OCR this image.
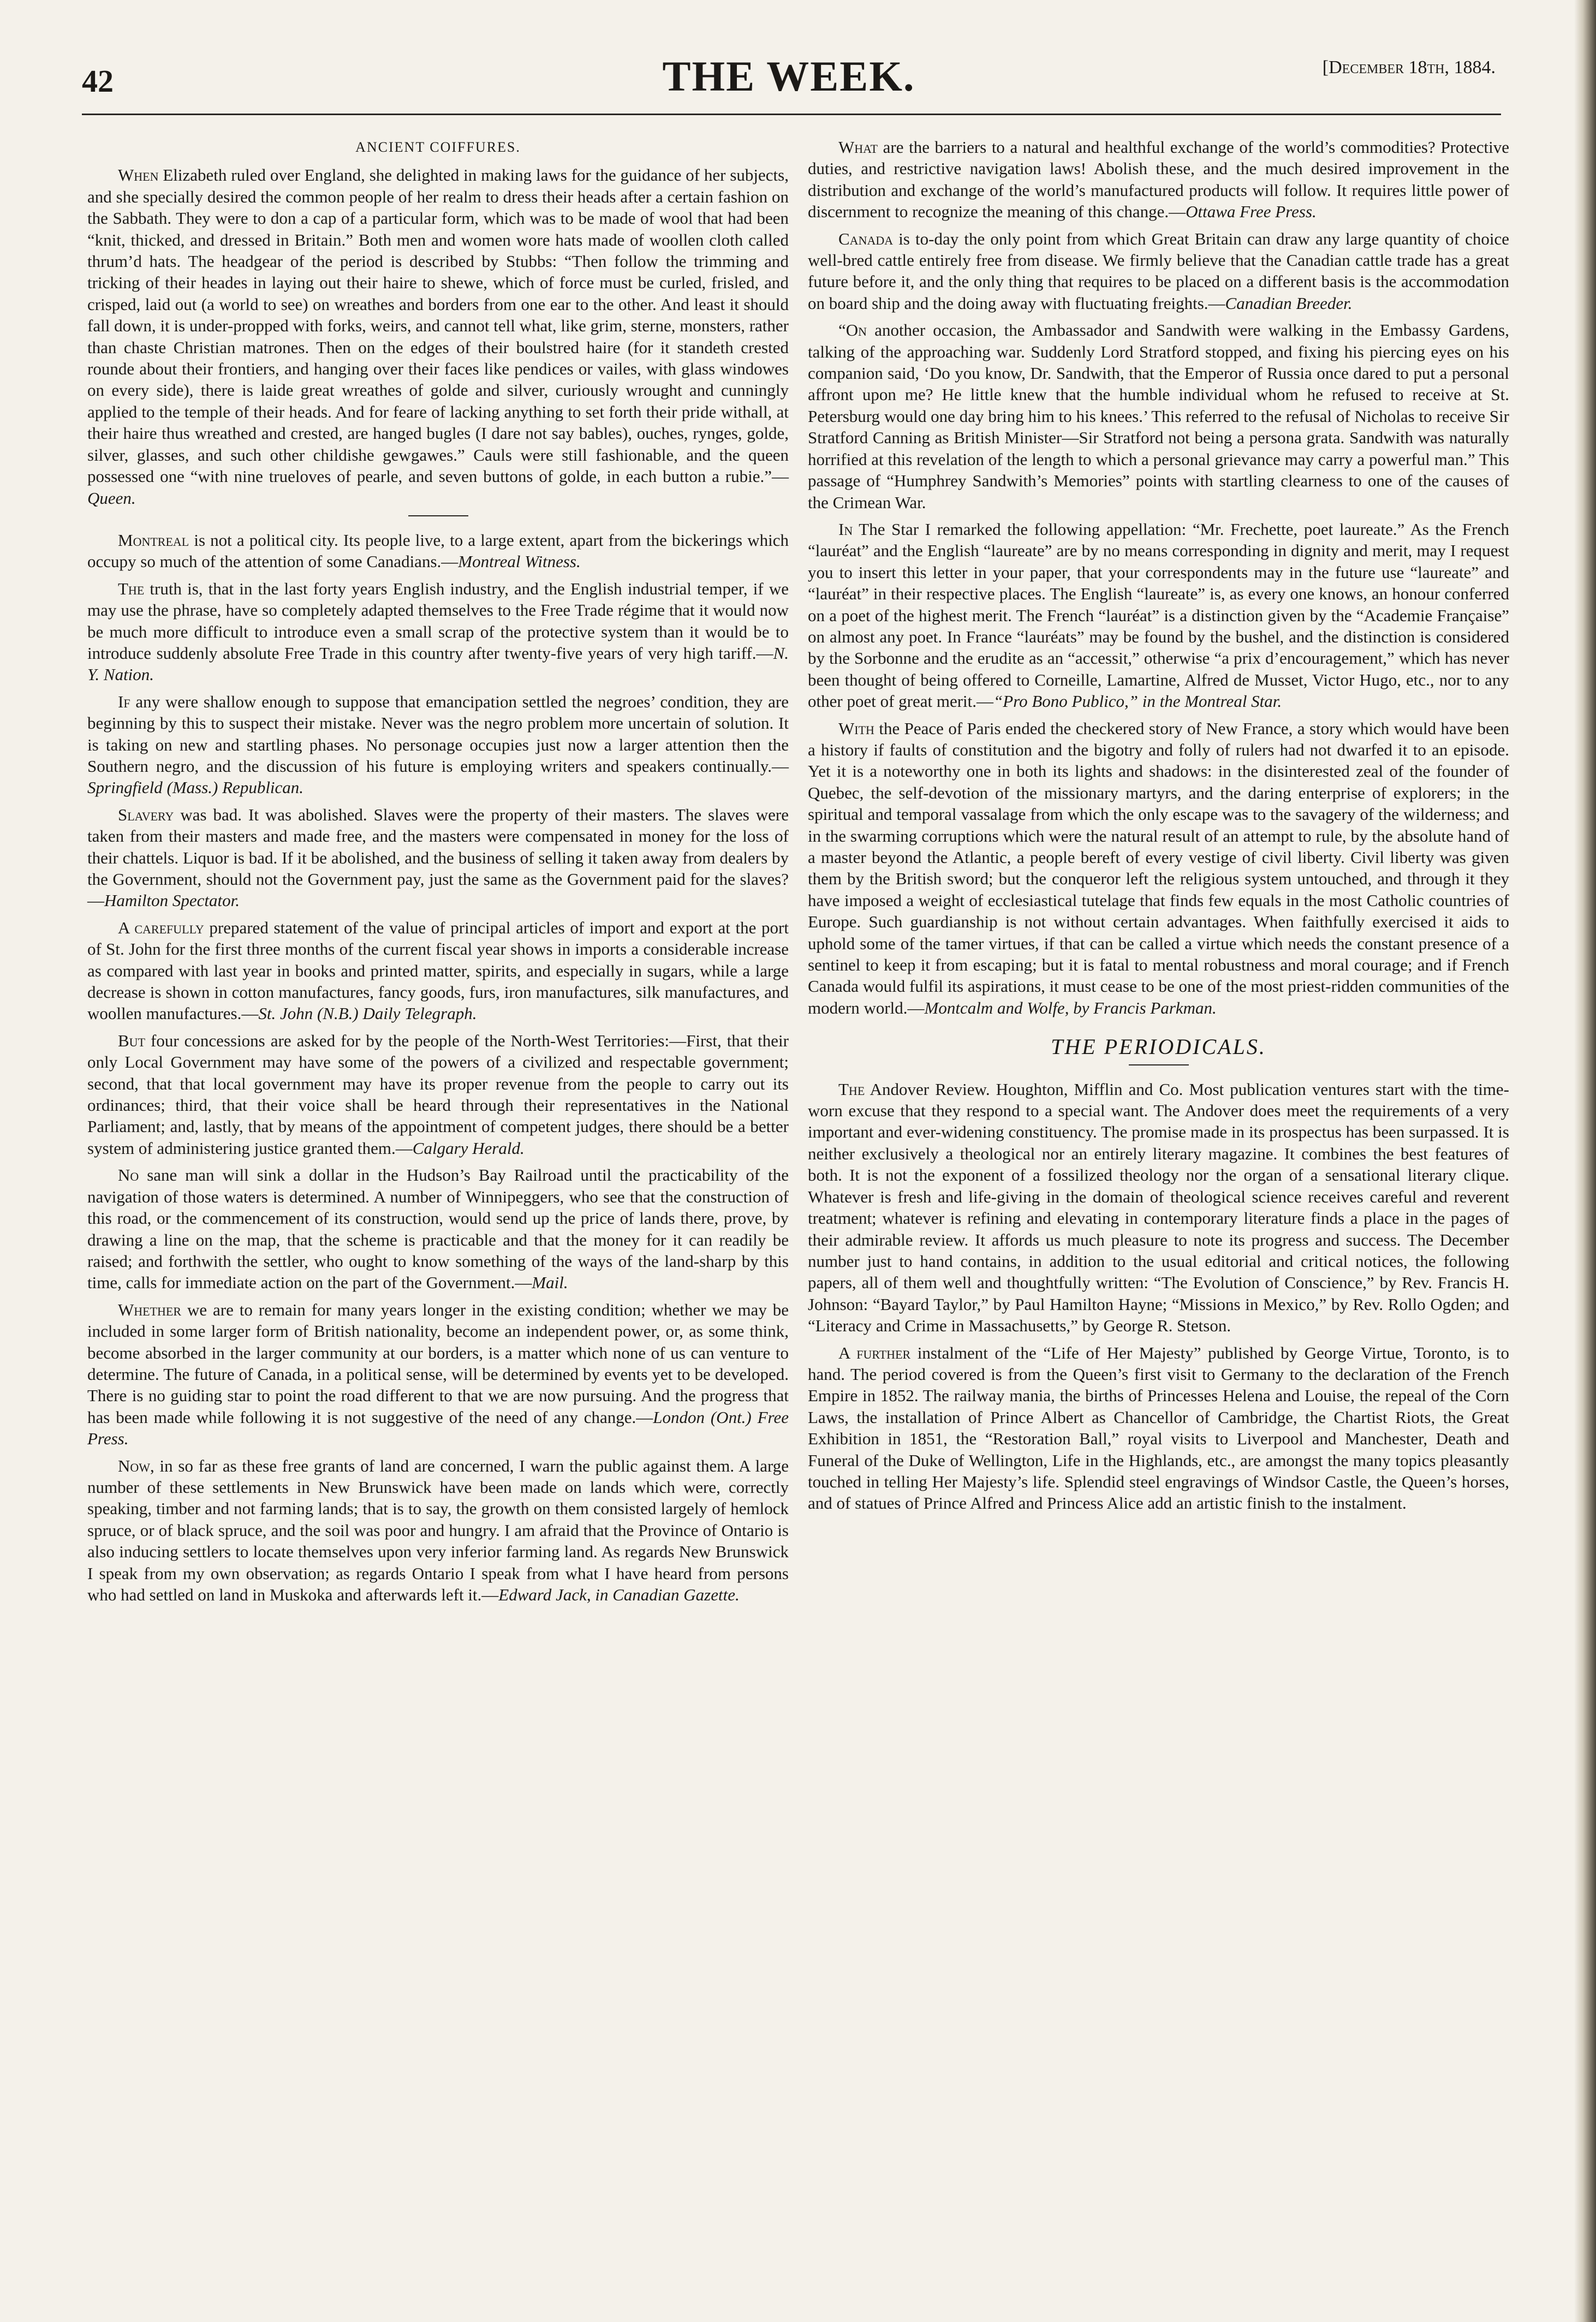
42	THE WEEK.	[December 18th, 1884.
ANCIENT COIFFURES.

When Elizabeth ruled over England, she delighted in making laws for the guidance of her subjects, and she specially desired the common people of her realm to dress their heads after a certain fashion on the Sabbath. They were to don a cap of a particular form, which was to be made of wool that had been “knit, thicked, and dressed in Britain.” Both men and women wore hats made of woollen cloth called thrum’d hats. The headgear of the period is described by Stubbs: “Then follow the trimming and tricking of their heades in laying out their haire to shewe, which of force must be curled, frisled, and crisped, laid out (a world to see) on wreathes and borders from one ear to the other. And least it should fall down, it is under-propped with forks, weirs, and cannot tell what, like grim, sterne, monsters, rather than chaste Christian matrones. Then on the edges of their boulstred haire (for it standeth crested rounde about their frontiers, and hanging over their faces like pendices or vailes, with glass windowes on every side), there is laide great wreathes of golde and silver, curiously wrought and cunningly applied to the temple of their heads. And for feare of lacking anything to set forth their pride withall, at their haire thus wreathed and crested, are hanged bugles (I dare not say bables), ouches, rynges, golde, silver, glasses, and such other childishe gewgawes.” Cauls were still fashionable, and the queen possessed one “with nine trueloves of pearle, and seven buttons of golde, in each button a rubie.”—Queen.

Montreal is not a political city. Its people live, to a large extent, apart from the bickerings which occupy so much of the attention of some Canadians.—Montreal Witness.

The truth is, that in the last forty years English industry, and the English industrial temper, if we may use the phrase, have so completely adapted themselves to the Free Trade régime that it would now be much more difficult to introduce even a small scrap of the protective system than it would be to introduce suddenly absolute Free Trade in this country after twenty-five years of very high tariff.—N. Y. Nation.

If any were shallow enough to suppose that emancipation settled the negroes’ condition, they are beginning by this to suspect their mistake. Never was the negro problem more uncertain of solution. It is taking on new and startling phases. No personage occupies just now a larger attention then the Southern negro, and the discussion of his future is employing writers and speakers continually.—Springfield (Mass.) Republican.

Slavery was bad. It was abolished. Slaves were the property of their masters. The slaves were taken from their masters and made free, and the masters were compensated in money for the loss of their chattels. Liquor is bad. If it be abolished, and the business of selling it taken away from dealers by the Government, should not the Government pay, just the same as the Government paid for the slaves?—Hamilton Spectator.

A carefully prepared statement of the value of principal articles of import and export at the port of St. John for the first three months of the current fiscal year shows in imports a considerable increase as compared with last year in books and printed matter, spirits, and especially in sugars, while a large decrease is shown in cotton manufactures, fancy goods, furs, iron manufactures, silk manufactures, and woollen manufactures.—St. John (N.B.) Daily Telegraph.

But four concessions are asked for by the people of the North-West Territories:—First, that their only Local Government may have some of the powers of a civilized and respectable government; second, that that local government may have its proper revenue from the people to carry out its ordinances; third, that their voice shall be heard through their representatives in the National Parliament; and, lastly, that by means of the appointment of competent judges, there should be a better system of administering justice granted them.—Calgary Herald.

No sane man will sink a dollar in the Hudson’s Bay Railroad until the practicability of the navigation of those waters is determined. A number of Winnipeggers, who see that the construction of this road, or the commencement of its construction, would send up the price of lands there, prove, by drawing a line on the map, that the scheme is practicable and that the money for it can readily be raised; and forthwith the settler, who ought to know something of the ways of the land-sharp by this time, calls for immediate action on the part of the Government.—Mail.

Whether we are to remain for many years longer in the existing condition; whether we may be included in some larger form of British nationality, become an independent power, or, as some think, become absorbed in the larger community at our borders, is a matter which none of us can venture to determine. The future of Canada, in a political sense, will be determined by events yet to be developed. There is no guiding star to point the road different to that we are now pursuing. And the progress that has been made while following it is not suggestive of the need of any change.—London (Ont.) Free Press.

Now, in so far as these free grants of land are concerned, I warn the public against them. A large number of these settlements in New Brunswick have been made on lands which were, correctly speaking, timber and not farming lands; that is to say, the growth on them consisted largely of hemlock spruce, or of black spruce, and the soil was poor and hungry. I am afraid that the Province of Ontario is also inducing settlers to locate themselves upon very inferior farming land. As regards New Brunswick I speak from my own observation; as regards Ontario I speak from what I have heard from persons who had settled on land in Muskoka and afterwards left it.—Edward Jack, in Canadian Gazette.

What are the barriers to a natural and healthful exchange of the world’s commodities? Protective duties, and restrictive navigation laws! Abolish these, and the much desired improvement in the distribution and exchange of the world’s manufactured products will follow. It requires little power of discernment to recognize the meaning of this change.—Ottawa Free Press.

Canada is to-day the only point from which Great Britain can draw any large quantity of choice well-bred cattle entirely free from disease. We firmly believe that the Canadian cattle trade has a great future before it, and the only thing that requires to be placed on a different basis is the accommodation on board ship and the doing away with fluctuating freights.—Canadian Breeder.

“On another occasion, the Ambassador and Sandwith were walking in the Embassy Gardens, talking of the approaching war. Suddenly Lord Stratford stopped, and fixing his piercing eyes on his companion said, ‘Do you know, Dr. Sandwith, that the Emperor of Russia once dared to put a personal affront upon me? He little knew that the humble individual whom he refused to receive at St. Petersburg would one day bring him to his knees.’ This referred to the refusal of Nicholas to receive Sir Stratford Canning as British Minister—Sir Stratford not being a persona grata. Sandwith was naturally horrified at this revelation of the length to which a personal grievance may carry a powerful man.” This passage of “Humphrey Sandwith’s Memories” points with startling clearness to one of the causes of the Crimean War.

In The Star I remarked the following appellation: “Mr. Frechette, poet laureate.” As the French “lauréat” and the English “laureate” are by no means corresponding in dignity and merit, may I request you to insert this letter in your paper, that your correspondents may in the future use “laureate” and “lauréat” in their respective places. The English “laureate” is, as every one knows, an honour conferred on a poet of the highest merit. The French “lauréat” is a distinction given by the “Academie Française” on almost any poet. In France “lauréats” may be found by the bushel, and the distinction is considered by the Sorbonne and the erudite as an “accessit,” otherwise “a prix d’encouragement,” which has never been thought of being offered to Corneille, Lamartine, Alfred de Musset, Victor Hugo, etc., nor to any other poet of great merit.—“Pro Bono Publico,” in the Montreal Star.

With the Peace of Paris ended the checkered story of New France, a story which would have been a history if faults of constitution and the bigotry and folly of rulers had not dwarfed it to an episode. Yet it is a noteworthy one in both its lights and shadows: in the disinterested zeal of the founder of Quebec, the self-devotion of the missionary martyrs, and the daring enterprise of explorers; in the spiritual and temporal vassalage from which the only escape was to the savagery of the wilderness; and in the swarming corruptions which were the natural result of an attempt to rule, by the absolute hand of a master beyond the Atlantic, a people bereft of every vestige of civil liberty. Civil liberty was given them by the British sword; but the conqueror left the religious system untouched, and through it they have imposed a weight of ecclesiastical tutelage that finds few equals in the most Catholic countries of Europe. Such guardianship is not without certain advantages. When faithfully exercised it aids to uphold some of the tamer virtues, if that can be called a virtue which needs the constant presence of a sentinel to keep it from escaping; but it is fatal to mental robustness and moral courage; and if French Canada would fulfil its aspirations, it must cease to be one of the most priest-ridden communities of the modern world.—Montcalm and Wolfe, by Francis Parkman.

THE PERIODICALS.

The Andover Review. Houghton, Mifflin and Co. Most publication ventures start with the time-worn excuse that they respond to a special want. The Andover does meet the requirements of a very important and ever-widening constituency. The promise made in its prospectus has been surpassed. It is neither exclusively a theological nor an entirely literary magazine. It combines the best features of both. It is not the exponent of a fossilized theology nor the organ of a sensational literary clique. Whatever is fresh and life-giving in the domain of theological science receives careful and reverent treatment; whatever is refining and elevating in contemporary literature finds a place in the pages of their admirable review. It affords us much pleasure to note its progress and success. The December number just to hand contains, in addition to the usual editorial and critical notices, the following papers, all of them well and thoughtfully written: “The Evolution of Conscience,” by Rev. Francis H. Johnson: “Bayard Taylor,” by Paul Hamilton Hayne; “Missions in Mexico,” by Rev. Rollo Ogden; and “Literacy and Crime in Massachusetts,” by George R. Stetson.

A further instalment of the “Life of Her Majesty” published by George Virtue, Toronto, is to hand. The period covered is from the Queen’s first visit to Germany to the declaration of the French Empire in 1852. The railway mania, the births of Princesses Helena and Louise, the repeal of the Corn Laws, the installation of Prince Albert as Chancellor of Cambridge, the Chartist Riots, the Great Exhibition in 1851, the “Restoration Ball,” royal visits to Liverpool and Manchester, Death and Funeral of the Duke of Wellington, Life in the Highlands, etc., are amongst the many topics pleasantly touched in telling Her Majesty’s life. Splendid steel engravings of Windsor Castle, the Queen’s horses, and of statues of Prince Alfred and Princess Alice add an artistic finish to the instalment.
